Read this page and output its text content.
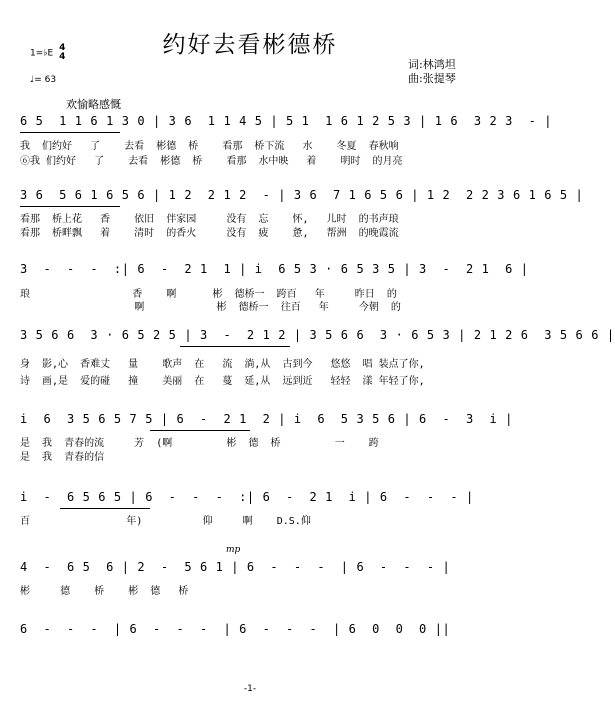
约好去看彬德桥
词:林鸿坦
曲:张提琴
1=♭E 4
4
♩= 63
欢愉略感慨
6 5  1 1 6 1 3 0 | 3 6  1 1 4 5 | 5 1  1 6 1 2 5 3 | 1 6  3 2 3  - |
我  们约好   了    去看  彬德  桥    看那  桥下流   水    冬夏  春秋响
⑥我 们约好   了    去看  彬德  桥    看那  水中映   着    明时  的月亮
3 6  5 6 1 6 5 6 | 1 2  2 1 2  - | 3 6  7 1 6 5 6 | 1 2  2 2 3 6 1 6 5 |
看那  桥上花   香    依旧  伴家园     没有  忘    怀,   儿时  的书声琅
看那  桥畔飘   着    清时  的香火     没有  疲    惫,   帮洲  的晚霞流
3  -  -  -  :| 6  -  2 1  1 | i  6 5 3 · 6 5 3 5 | 3  -  2 1  6 |
琅                 香    啊      彬  德桥一  跨百   年     昨日  的
啊            彬  德桥一  往百   年     今朝  的
3 5 6 6  3 · 6 5 2 5 | 3  -  2 1 2 | 3 5 6 6  3 · 6 5 3 | 2 1 2 6  3 5 6 6 |
身  影,心  香难丈   量    歌声  在   流  淌,从  古到今   悠悠  唱 装点了你,
诗  画,是  爱的碰   撞    美丽  在   蔓  延,从  远到近   轻轻  漾 年轻了你,
i  6  3 5 6 5 7 5 | 6  -  2 1  2 | i  6  5 3 5 6 | 6  -  3  i |
是  我  青春的流     芳  (啊         彬  德  桥         一    跨
是  我  青春的信
i  -  6 5 6 5 | 6  -  -  -  :| 6  -  2 1  i | 6  -  -  - |
百                年)          仰     啊    D.S.仰
mp
4  -  6 5  6 | 2  -  5 6 1 | 6  -  -  -  | 6  -  -  - |
彬     德    桥    彬  德   桥
6  -  -  -  | 6  -  -  -  | 6  -  -  -  | 6  0  0  0 ||
-1-
